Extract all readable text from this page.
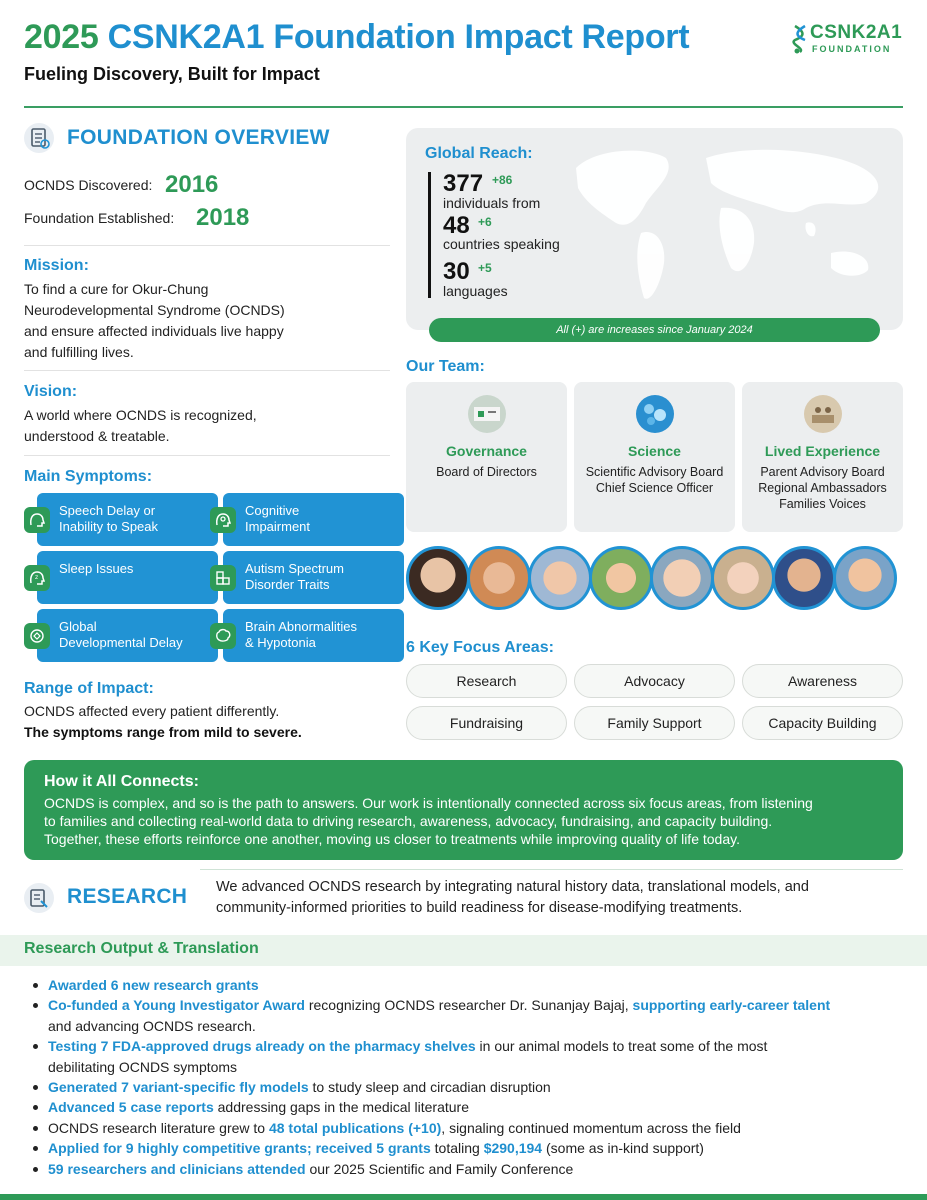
2025 CSNK2A1 Foundation Impact Report
Fueling Discovery, Built for Impact
CSNK2A1
FOUNDATION
FOUNDATION OVERVIEW
OCNDS Discovered: 2016
Foundation Established: 2018
Mission:
To find a cure for Okur-Chung
Neurodevelopmental Syndrome (OCNDS)
and ensure affected individuals live happy
and fulfilling lives.
Vision:
A world where OCNDS is recognized,
understood & treatable.
Main Symptoms:
Speech Delay or
Inability to Speak
Cognitive
Impairment
Sleep Issues
z
Autism Spectrum
Disorder Traits
Global
Developmental Delay
Brain Abnormalities
& Hypotonia
Range of Impact:
OCNDS affected every patient differently.
The symptoms range from mild to severe.
Global Reach:
377 +86
individuals from
48 +6
countries speaking
30 +5
languages
All (+) are increases since January 2024
Our Team:
Governance
Board of Directors
Science
Scientific Advisory Board
Chief Science Officer
Lived Experience
Parent Advisory Board
Regional Ambassadors
Families Voices
6 Key Focus Areas:
Research	Advocacy	Awareness
Fundraising	Family Support	Capacity Building
How it All Connects:
OCNDS is complex, and so is the path to answers. Our work is intentionally connected across six focus areas, from listening
to families and collecting real-world data to driving research, awareness, advocacy, fundraising, and capacity building.
Together, these efforts reinforce one another, moving us closer to treatments while improving quality of life today.
RESEARCH We advanced OCNDS research by integrating natural history data, translational models, and
community-informed priorities to build readiness for disease-modifying treatments.
Research Output & Translation
Awarded 6 new research grants
Co-funded a Young Investigator Award recognizing OCNDS researcher Dr. Sunanjay Bajaj, supporting early-career talent
and advancing OCNDS research.
Testing 7 FDA-approved drugs already on the pharmacy shelves in our animal models to treat some of the most
debilitating OCNDS symptoms
Generated 7 variant-specific fly models to study sleep and circadian disruption
Advanced 5 case reports addressing gaps in the medical literature
OCNDS research literature grew to 48 total publications (+10), signaling continued momentum across the field
Applied for 9 highly competitive grants; received 5 grants totaling $290,194 (some as in-kind support)
59 researchers and clinicians attended our 2025 Scientific and Family Conference
